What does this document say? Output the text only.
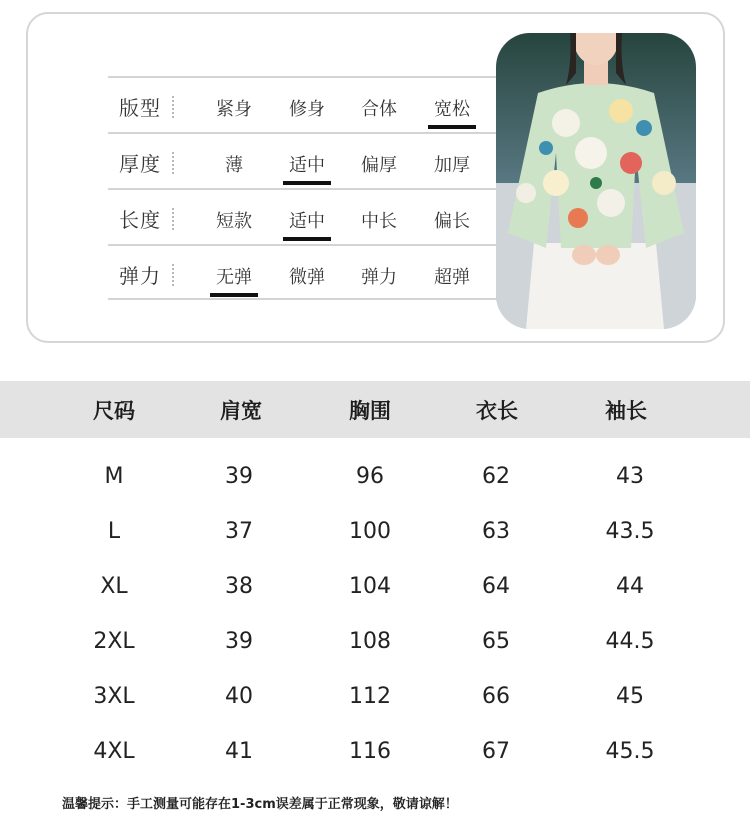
版型	紧身	修身	合体	宽松
厚度	薄	适中	偏厚	加厚
长度	短款	适中	中长	偏长
弹力	无弹	微弹	弹力	超弹
尺码	肩宽	胸围	衣长	袖长
M	39	96	62	43
L	37	100	63	43.5
XL	38	104	64	44
2XL	39	108	65	44.5
3XL	40	112	66	45
4XL	41	116	67	45.5
温馨提示：手工测量可能存在1-3cm误差属于正常现象，敬请谅解！
